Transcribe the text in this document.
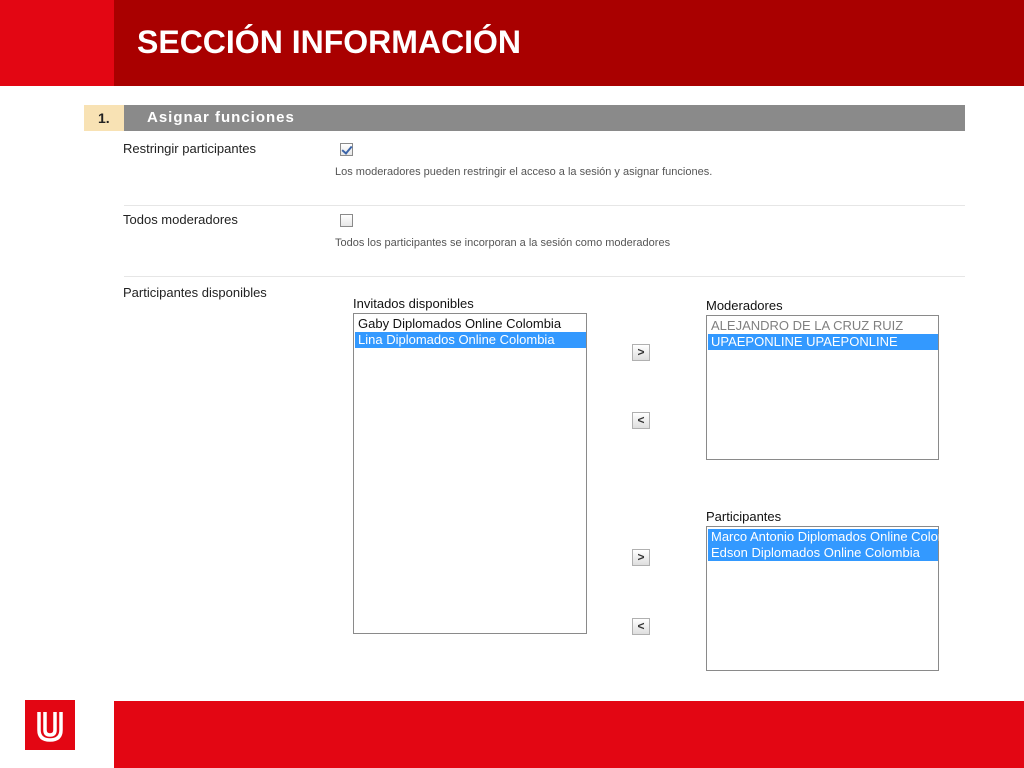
SECCIÓN INFORMACIÓN
1.	Asignar funciones
Restringir participantes
Los moderadores pueden restringir el acceso a la sesión y asignar funciones.
Todos moderadores
Todos los participantes se incorporan a la sesión como moderadores
Participantes disponibles
Invitados disponibles
Gaby Diplomados Online Colombia
Lina Diplomados Online Colombia
>
<
>
<
Moderadores
ALEJANDRO DE LA CRUZ RUIZ
UPAEPONLINE UPAEPONLINE
Participantes
Marco Antonio Diplomados Online Colombia
Edson Diplomados Online Colombia
